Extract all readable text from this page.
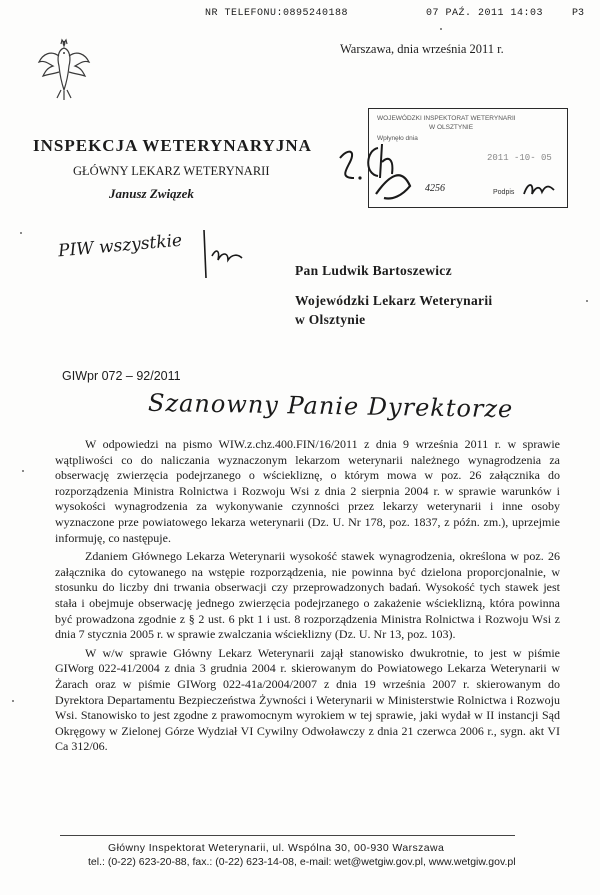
NR TELEFONU:0895240188	07 PAŹ. 2011 14:03	P3
Warszawa, dnia września 2011 r.
INSPEKCJA WETERYNARYJNA
GŁÓWNY LEKARZ WETERYNARII
Janusz Związek
WOJEWÓDZKI INSPEKTORAT WETERYNARII
W OLSZTYNIE
Wpłynęło dnia
2011 -10- 05
4256	Podpis
2. Ch.
PIW wszystkie
Pan Ludwik Bartoszewicz
Wojewódzki Lekarz Weterynarii
w Olsztynie
GIWpr 072 – 92/2011
Szanowny Panie Dyrektorze

W odpowiedzi na pismo WIW.z.chz.400.FIN/16/2011 z dnia 9 września 2011 r. w sprawie wątpliwości co do naliczania wyznaczonym lekarzom weterynarii należnego wynagrodzenia za obserwację zwierzęcia podejrzanego o wściekliznę, o którym mowa w poz. 26 załącznika do rozporządzenia Ministra Rolnictwa i Rozwoju Wsi z dnia 2 sierpnia 2004 r. w sprawie warunków i wysokości wynagrodzenia za wykonywanie czynności przez lekarzy weterynarii i inne osoby wyznaczone prze powiatowego lekarza weterynarii (Dz. U. Nr 178, poz. 1837, z późn. zm.), uprzejmie informuję, co następuje.

Zdaniem Głównego Lekarza Weterynarii wysokość stawek wynagrodzenia, określona w poz. 26 załącznika do cytowanego na wstępie rozporządzenia, nie powinna być dzielona proporcjonalnie, w stosunku do liczby dni trwania obserwacji czy przeprowadzonych badań. Wysokość tych stawek jest stała i obejmuje obserwację jednego zwierzęcia podejrzanego o zakażenie wścieklizną, która powinna być prowadzona zgodnie z § 2 ust. 6 pkt 1 i ust. 8 rozporządzenia Ministra Rolnictwa i Rozwoju Wsi z dnia 7 stycznia 2005 r. w sprawie zwalczania wścieklizny (Dz. U. Nr 13, poz. 103).

W w/w sprawie Główny Lekarz Weterynarii zajął stanowisko dwukrotnie, to jest w piśmie GIWorg 022-41/2004 z dnia 3 grudnia 2004 r. skierowanym do Powiatowego Lekarza Weterynarii w Żarach oraz w piśmie GIWorg 022-41a/2004/2007 z dnia 19 września 2007 r. skierowanym do Dyrektora Departamentu Bezpieczeństwa Żywności i Weterynarii w Ministerstwie Rolnictwa i Rozwoju Wsi. Stanowisko to jest zgodne z prawomocnym wyrokiem w tej sprawie, jaki wydał w II instancji Sąd Okręgowy w Zielonej Górze Wydział VI Cywilny Odwoławczy z dnia 21 czerwca 2006 r., sygn. akt VI Ca 312/06.

Główny Inspektorat Weterynarii, ul. Wspólna 30, 00-930 Warszawa
tel.: (0-22) 623-20-88, fax.: (0-22) 623-14-08, e-mail: wet@wetgiw.gov.pl, www.wetgiw.gov.pl
